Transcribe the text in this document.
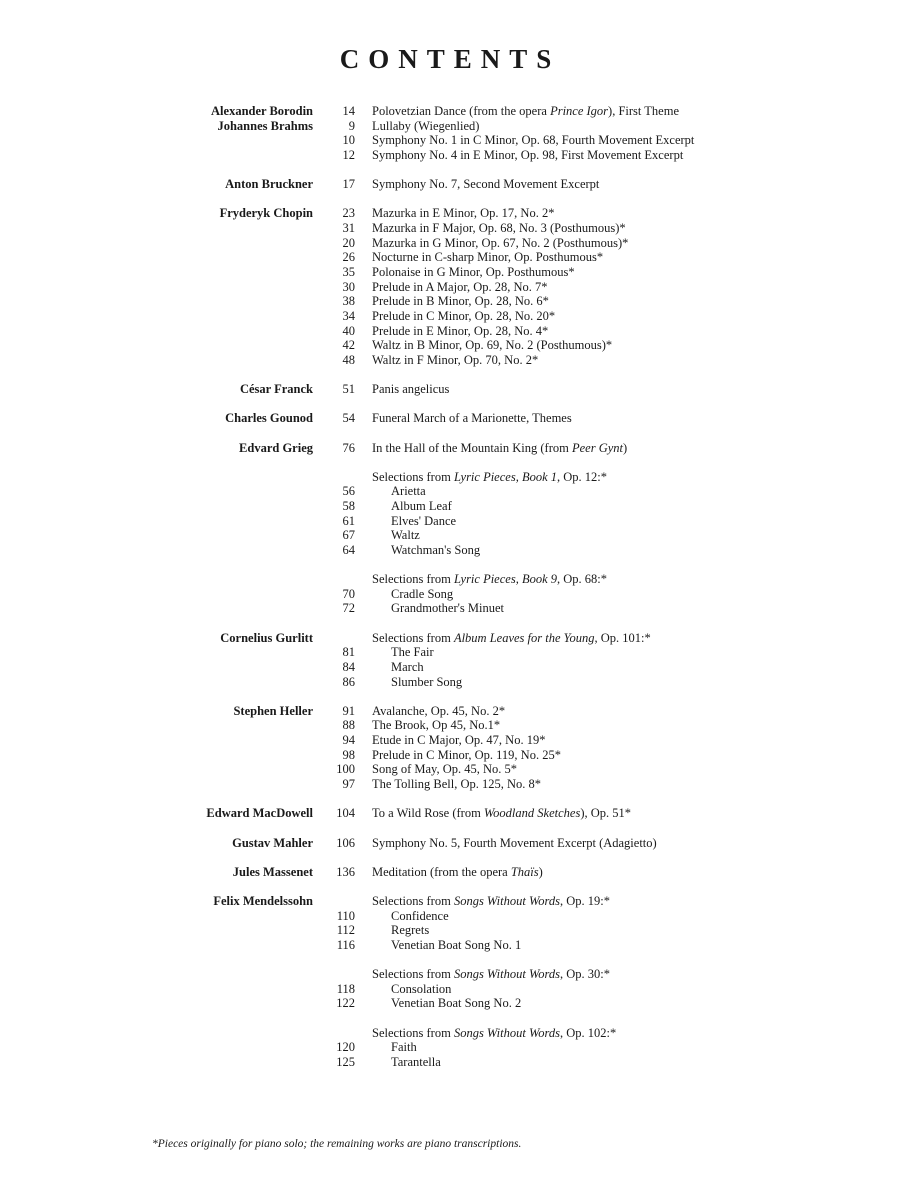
CONTENTS
Alexander Borodin 14 Polovetzian Dance (from the opera Prince Igor), First Theme
Johannes Brahms	9 Lullaby (Wiegenlied)
10 Symphony No. 1 in C Minor, Op. 68, Fourth Movement Excerpt
12 Symphony No. 4 in E Minor, Op. 98, First Movement Excerpt
Anton Bruckner 17 Symphony No. 7, Second Movement Excerpt
Fryderyk Chopin 23 Mazurka in E Minor, Op. 17, No. 2*
31 Mazurka in F Major, Op. 68, No. 3 (Posthumous)*
20 Mazurka in G Minor, Op. 67, No. 2 (Posthumous)*
26 Nocturne in C-sharp Minor, Op. Posthumous*
35 Polonaise in G Minor, Op. Posthumous*
30 Prelude in A Major, Op. 28, No. 7*
38 Prelude in B Minor, Op. 28, No. 6*
34 Prelude in C Minor, Op. 28, No. 20*
40 Prelude in E Minor, Op. 28, No. 4*
42 Waltz in B Minor, Op. 69, No. 2 (Posthumous)*
48 Waltz in F Minor, Op. 70, No. 2*
César Franck 51 Panis angelicus
Charles Gounod 54 Funeral March of a Marionette, Themes
Edvard Grieg 76 In the Hall of the Mountain King (from Peer Gynt)
Selections from Lyric Pieces, Book 1, Op. 12:*
56	Arietta
58	Album Leaf
61	Elves' Dance
67	Waltz
64	Watchman's Song
Selections from Lyric Pieces, Book 9, Op. 68:*
70	Cradle Song
72	Grandmother's Minuet
Cornelius Gurlitt	Selections from Album Leaves for the Young, Op. 101:*
81	The Fair
84	March
86	Slumber Song
Stephen Heller 91 Avalanche, Op. 45, No. 2*
88 The Brook, Op 45, No.1*
94 Etude in C Major, Op. 47, No. 19*
98 Prelude in C Minor, Op. 119, No. 25*
100 Song of May, Op. 45, No. 5*
97 The Tolling Bell, Op. 125, No. 8*
Edward MacDowell 104 To a Wild Rose (from Woodland Sketches), Op. 51*
Gustav Mahler 106 Symphony No. 5, Fourth Movement Excerpt (Adagietto)
Jules Massenet 136 Meditation (from the opera Thaïs)
Felix Mendelssohn	Selections from Songs Without Words, Op. 19:*
110	Confidence
112	Regrets
116	Venetian Boat Song No. 1
Selections from Songs Without Words, Op. 30:*
118	Consolation
122	Venetian Boat Song No. 2
Selections from Songs Without Words, Op. 102:*
120	Faith
125	Tarantella
*Pieces originally for piano solo; the remaining works are piano transcriptions.
